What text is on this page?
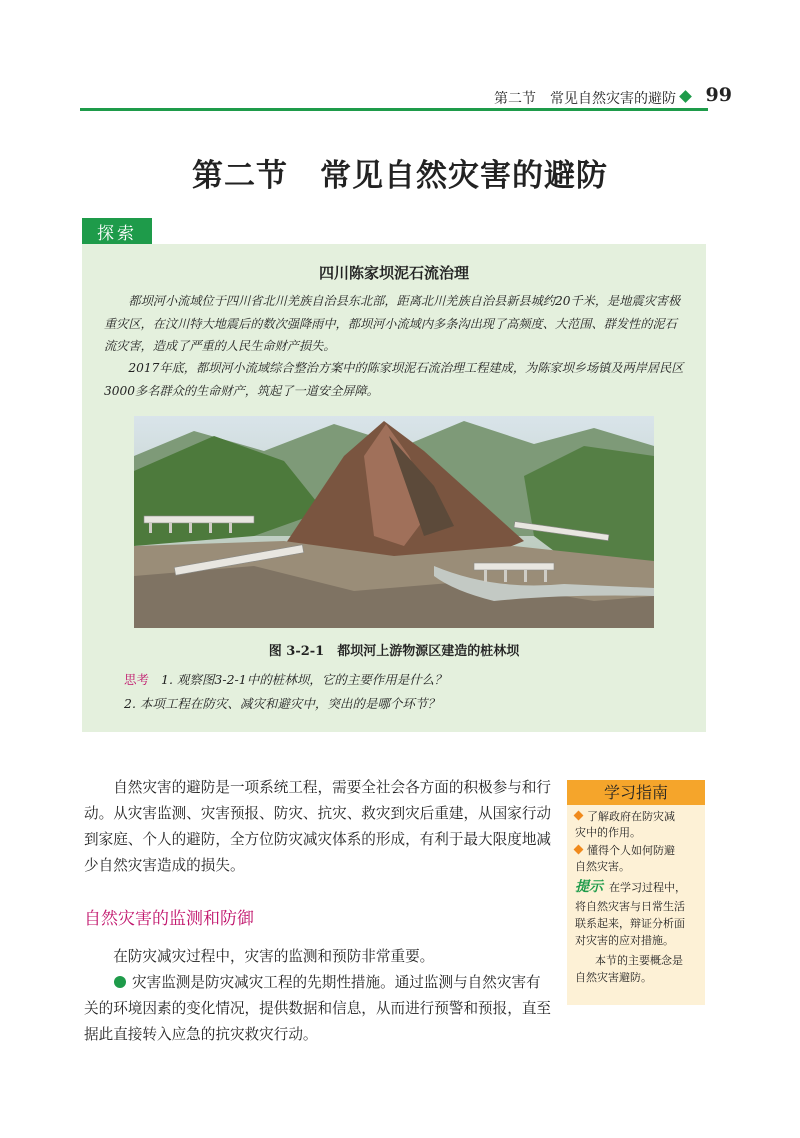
第二节　常见自然灾害的避防 99
第二节　常见自然灾害的避防
探索
四川陈家坝泥石流治理

都坝河小流域位于四川省北川羌族自治县东北部，距离北川羌族自治县新县城约20千米，是地震灾害极重灾区，在汶川特大地震后的数次强降雨中，都坝河小流域内多条沟出现了高频度、大范围、群发性的泥石流灾害，造成了严重的人民生命财产损失。

2017年底，都坝河小流域综合整治方案中的陈家坝泥石流治理工程建成，为陈家坝乡场镇及两岸居民区3000多名群众的生命财产，筑起了一道安全屏障。

图 3-2-1　都坝河上游物源区建造的桩林坝
思考 1. 观察图3-2-1中的桩林坝，它的主要作用是什么？
2. 本项工程在防灾、减灾和避灾中，突出的是哪个环节？

自然灾害的避防是一项系统工程，需要全社会各方面的积极参与和行动。从灾害监测、灾害预报、防灾、抗灾、救灾到灾后重建，从国家行动到家庭、个人的避防，全方位防灾减灾体系的形成，有利于最大限度地减少自然灾害造成的损失。

自然灾害的监测和防御

在防灾减灾过程中，灾害的监测和预防非常重要。

灾害监测是防灾减灾工程的先期性措施。通过监测与自然灾害有关的环境因素的变化情况，提供数据和信息，从而进行预警和预报，直至据此直接转入应急的抗灾救灾行动。

学习指南
了解政府在防灾减
灾中的作用。
懂得个人如何防避
自然灾害。
提示 在学习过程中，
将自然灾害与日常生活
联系起来，辩证分析面
对灾害的应对措施。
本节的主要概念是
自然灾害避防。
